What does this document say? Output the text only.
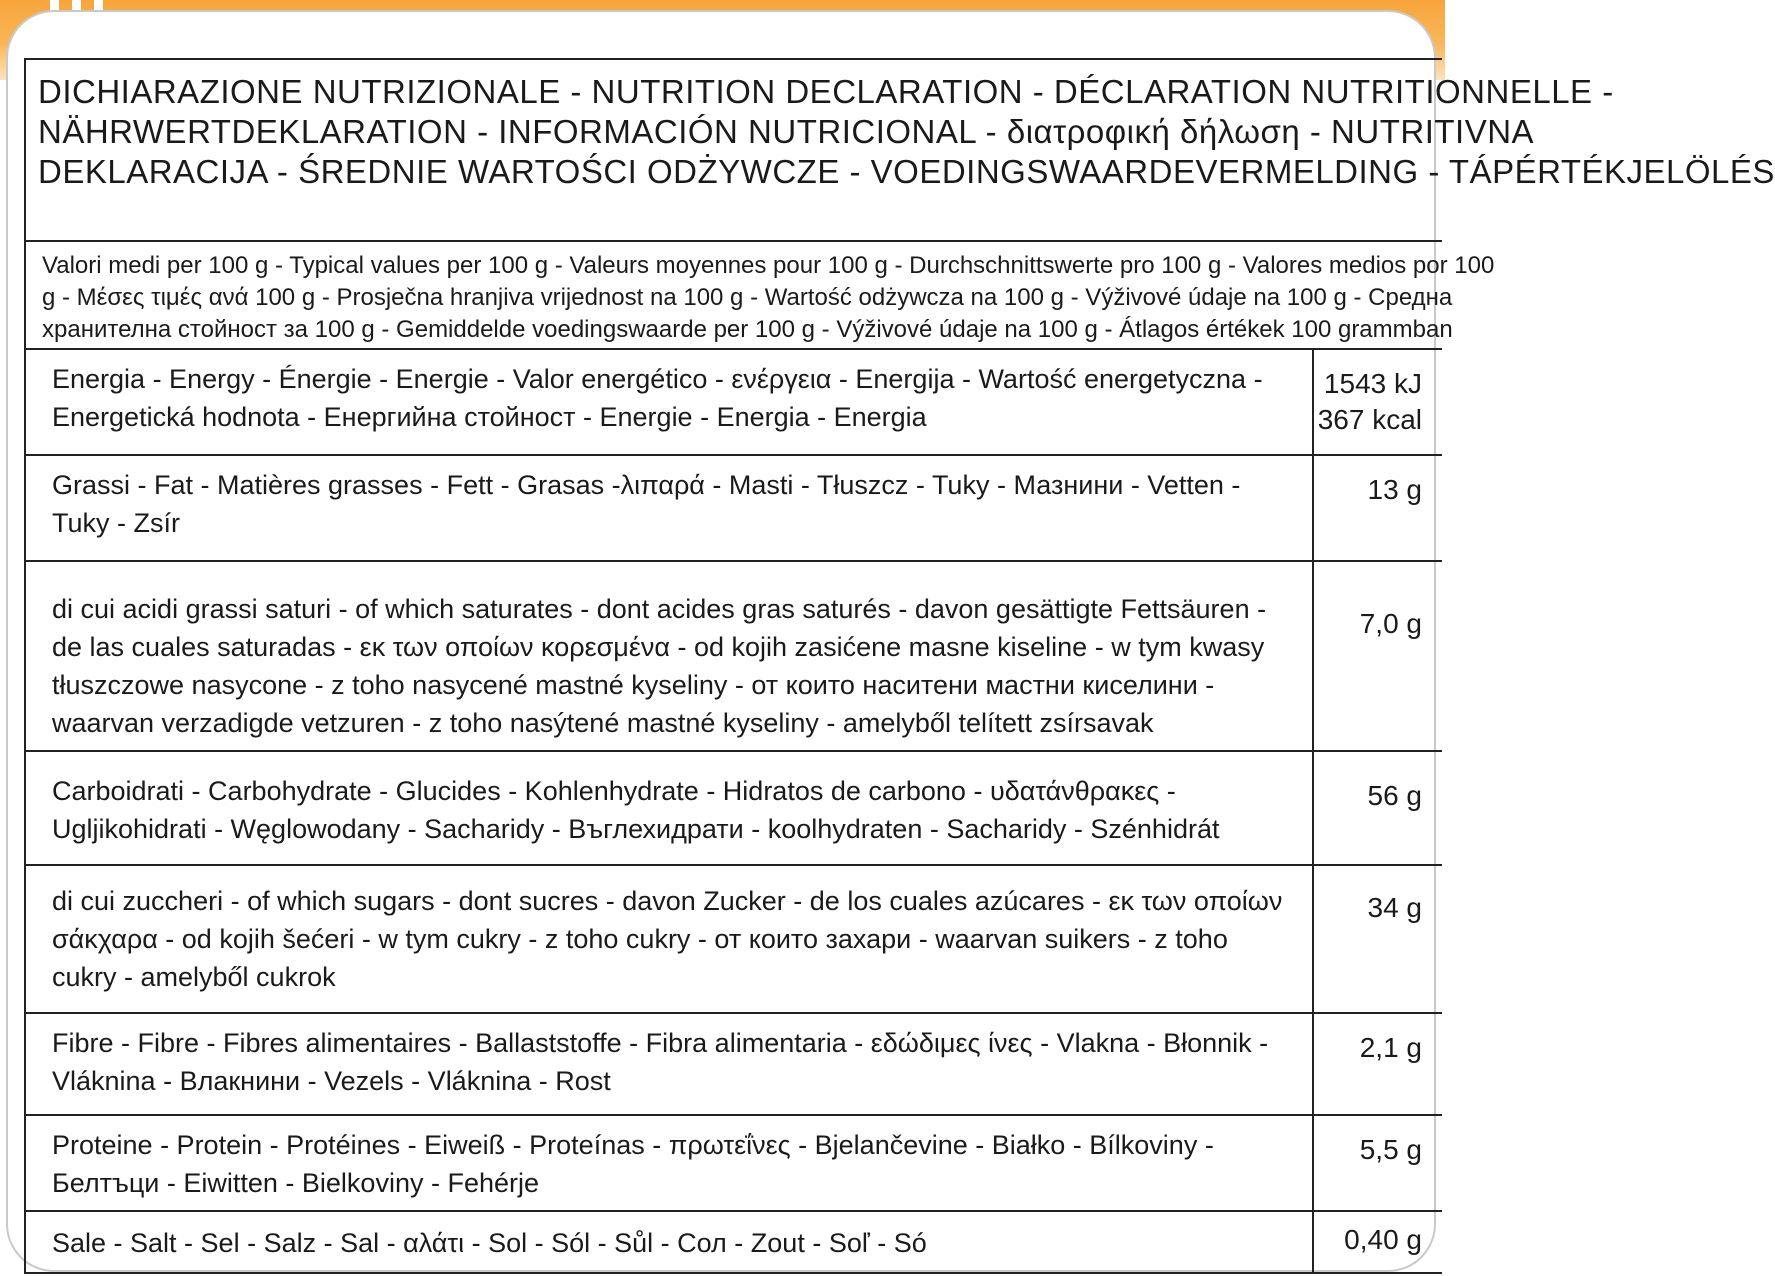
DICHIARAZIONE NUTRIZIONALE - NUTRITION DECLARATION - DÉCLARATION NUTRITIONNELLE -
NÄHRWERTDEKLARATION - INFORMACIÓN NUTRICIONAL - διατροφική δήλωση - NUTRITIVNA
DEKLARACIJA - ŚREDNIE WARTOŚCI ODŻYWCZE - VOEDINGSWAARDEVERMELDING - TÁPÉRTÉKJELÖLÉS
Valori medi per 100 g - Typical values per 100 g - Valeurs moyennes pour 100 g - Durchschnittswerte pro 100 g - Valores medios por 100
g - Μέσες τιμές ανά 100 g - Prosječna hranjiva vrijednost na 100 g - Wartość odżywcza na 100 g - Výživové údaje na 100 g - Средна
хранителна стойност за 100 g - Gemiddelde voedingswaarde per 100 g - Výživové údaje na 100 g - Átlagos értékek 100 grammban
Energia - Energy - Énergie - Energie - Valor energético - ενέργεια - Energija - Wartość energetyczna - Energetická hodnota - Енергийна стойност - Energie - Energia - Energia
1543 kJ
367 kcal
Grassi - Fat - Matières grasses - Fett - Grasas -λιπαρά - Masti - Tłuszcz - Tuky - Мазнини - Vetten - Tuky - Zsír
13 g
di cui acidi grassi saturi - of which saturates - dont acides gras saturés - davon gesättigte Fettsäuren - de las cuales saturadas - εκ των οποίων κορεσμένα - od kojih zasićene masne kiseline - w tym kwasy tłuszczowe nasycone - z toho nasycené mastné kyseliny - от които наситени мастни киселини - waarvan verzadigde vetzuren - z toho nasýtené mastné kyseliny - amelyből telített zsírsavak
7,0 g
Carboidrati - Carbohydrate - Glucides - Kohlenhydrate - Hidratos de carbono - υδατάνθρακες - Ugljikohidrati - Węglowodany - Sacharidy - Въглехидрати - koolhydraten - Sacharidy - Szénhidrát
56 g
di cui zuccheri - of which sugars - dont sucres - davon Zucker - de los cuales azúcares - εκ των οποίων σάκχαρα - od kojih šećeri - w tym cukry - z toho cukry - от които захари - waarvan suikers - z toho cukry - amelyből cukrok
34 g
Fibre - Fibre - Fibres alimentaires - Ballaststoffe - Fibra alimentaria - εδώδιμες ίνες - Vlakna - Błonnik - Vláknina - Влакнини - Vezels - Vláknina - Rost
2,1 g
Proteine - Protein - Protéines - Eiweiß - Proteínas - πρωτεΐνες - Bjelančevine - Białko - Bílkoviny - Белтъци - Eiwitten - Bielkoviny - Fehérje
5,5 g
Sale - Salt - Sel - Salz - Sal - αλάτι - Sol - Sól - Sůl - Сол - Zout - Soľ - Só	0,40 g
